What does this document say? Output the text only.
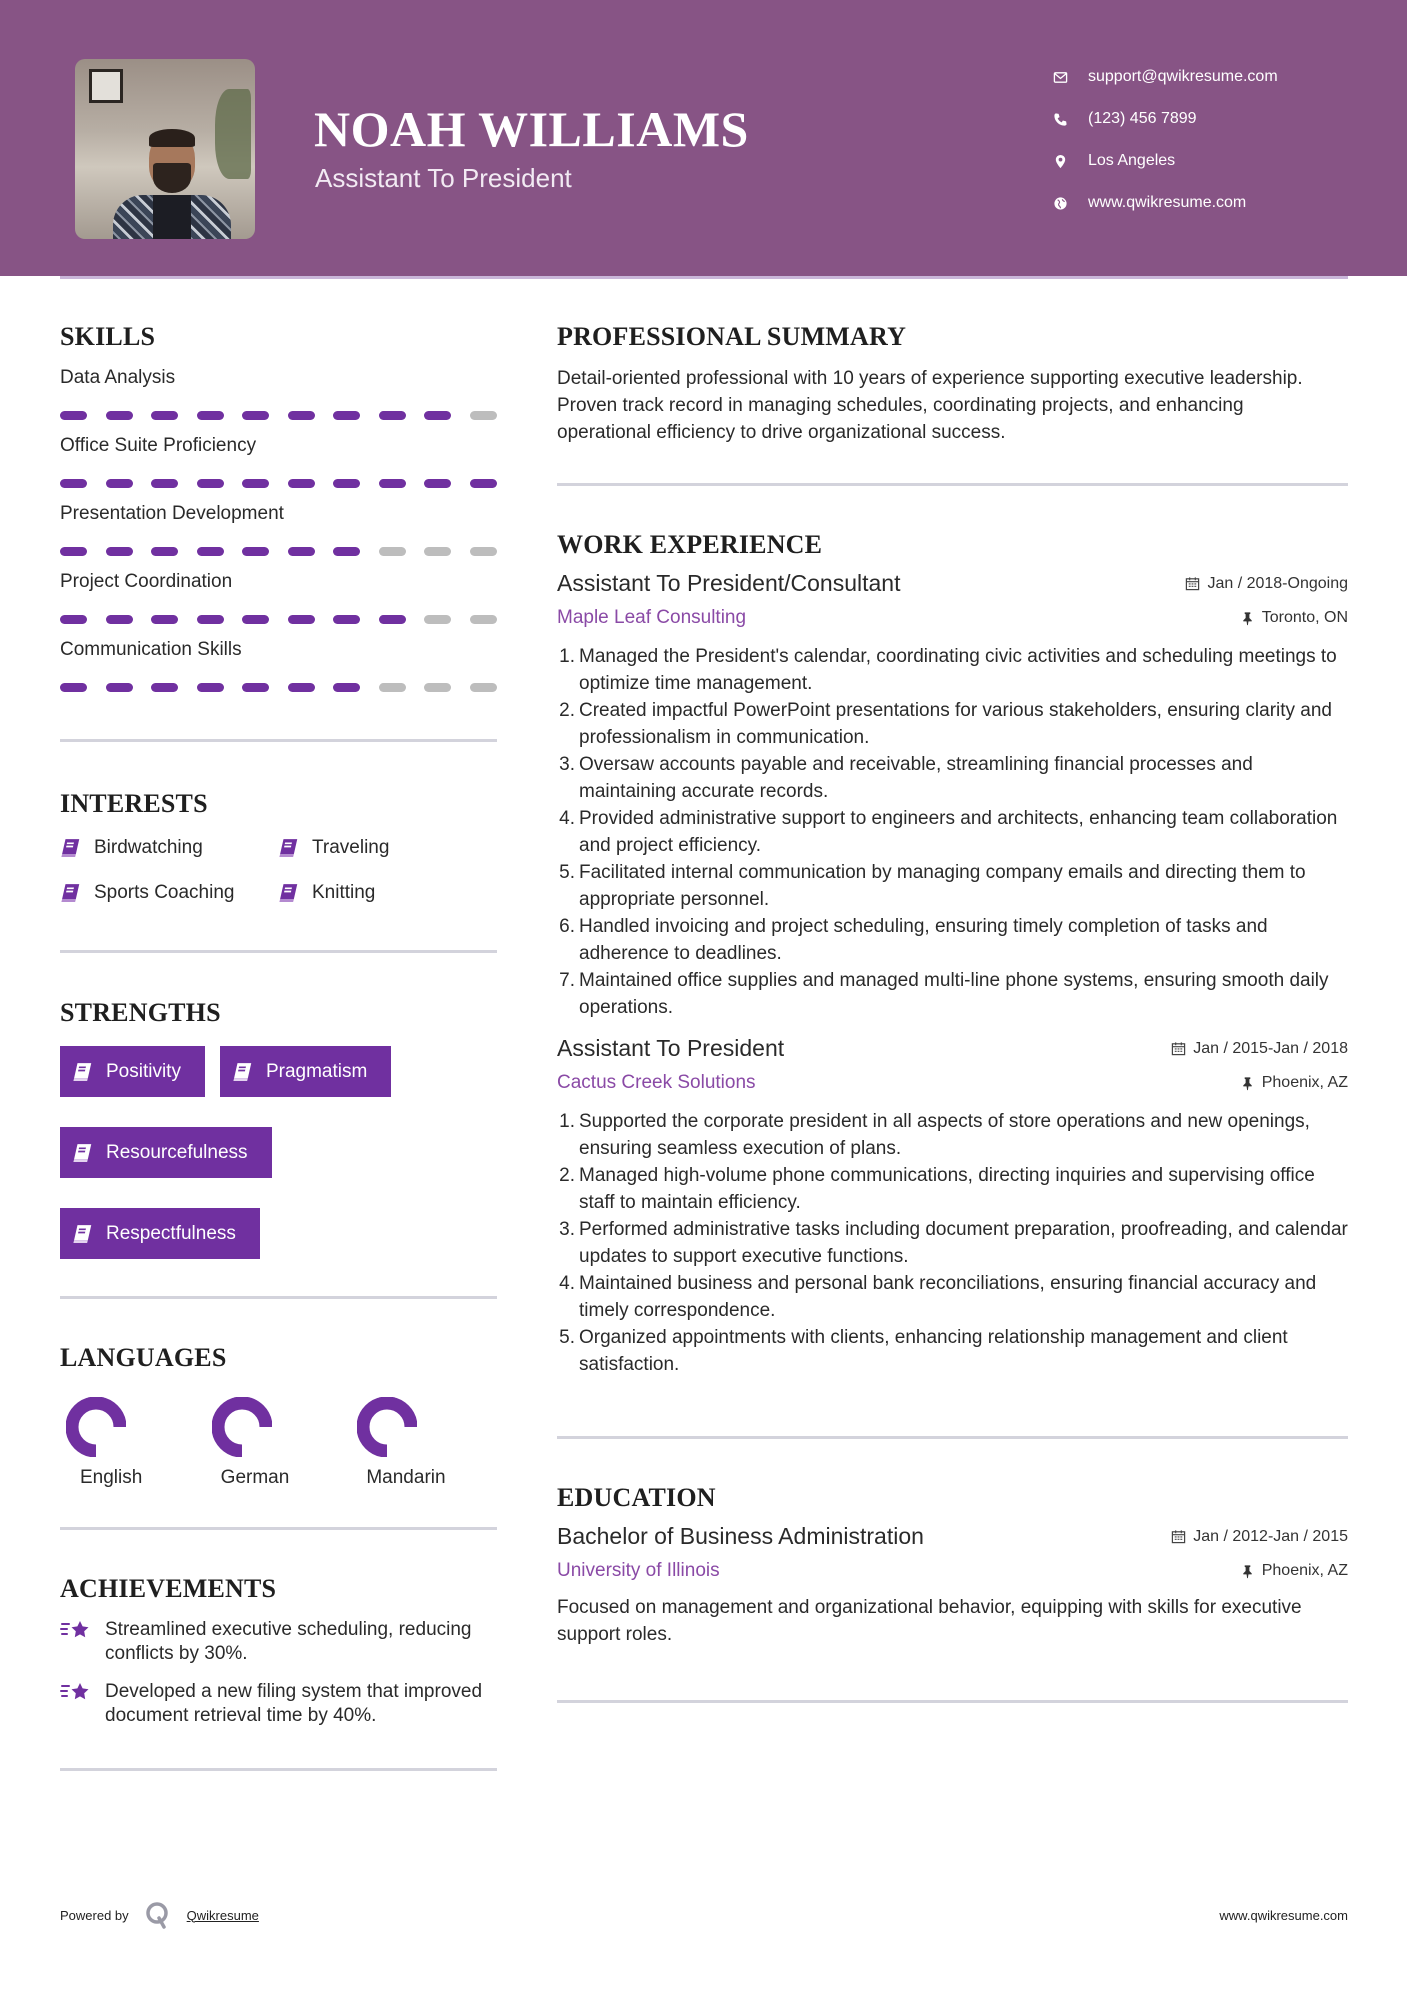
NOAH WILLIAMS
Assistant To President
support@qwikresume.com
(123) 456 7899
Los Angeles
www.qwikresume.com
SKILLS
Data Analysis
Office Suite Proficiency
Presentation Development
Project Coordination
Communication Skills
INTERESTS
Birdwatching	Traveling
Sports Coaching	Knitting
STRENGTHS
Positivity	Pragmatism
Resourcefulness
Respectfulness
LANGUAGES
English	German	Mandarin
ACHIEVEMENTS
Streamlined executive scheduling, reducing conflicts by 30%.
Developed a new filing system that improved document retrieval time by 40%.
PROFESSIONAL SUMMARY

Detail-oriented professional with 10 years of experience supporting executive leadership. Proven track record in managing schedules, coordinating projects, and enhancing operational efficiency to drive organizational success.

WORK EXPERIENCE
Assistant To President/Consultant	Jan / 2018-Ongoing
Maple Leaf Consulting	Toronto, ON
1. Managed the President's calendar, coordinating civic activities and scheduling meetings to optimize time management.
2. Created impactful PowerPoint presentations for various stakeholders, ensuring clarity and professionalism in communication.
3. Oversaw accounts payable and receivable, streamlining financial processes and maintaining accurate records.
4. Provided administrative support to engineers and architects, enhancing team collaboration and project efficiency.
5. Facilitated internal communication by managing company emails and directing them to appropriate personnel.
6. Handled invoicing and project scheduling, ensuring timely completion of tasks and adherence to deadlines.
7. Maintained office supplies and managed multi-line phone systems, ensuring smooth daily operations.
Assistant To President	Jan / 2015-Jan / 2018
Cactus Creek Solutions	Phoenix, AZ
1. Supported the corporate president in all aspects of store operations and new openings, ensuring seamless execution of plans.
2. Managed high-volume phone communications, directing inquiries and supervising office staff to maintain efficiency.
3. Performed administrative tasks including document preparation, proofreading, and calendar updates to support executive functions.
4. Maintained business and personal bank reconciliations, ensuring financial accuracy and timely correspondence.
5. Organized appointments with clients, enhancing relationship management and client satisfaction.
EDUCATION
Bachelor of Business Administration	Jan / 2012-Jan / 2015
University of Illinois	Phoenix, AZ

Focused on management and organizational behavior, equipping with skills for executive support roles.

Powered by	Qwikresume	www.qwikresume.com
